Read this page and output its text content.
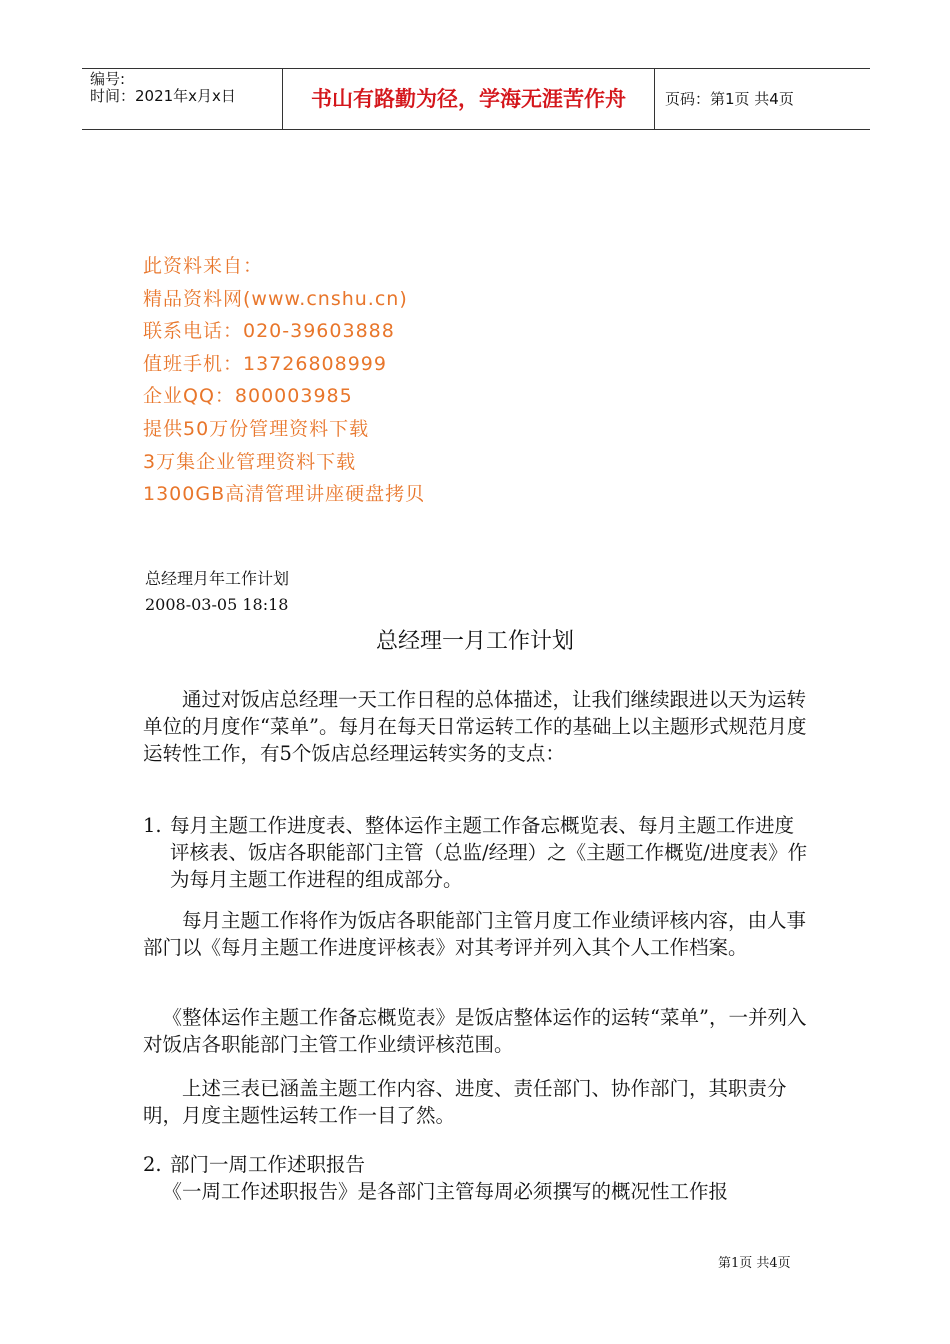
编号:
时间：2021年x月x日	书山有路勤为径，学海无涯苦作舟	页码：第1页 共4页
此资料来自：
精品资料网(www.cnshu.cn)
联系电话：020-39603888
值班手机：13726808999
企业QQ：800003985
提供50万份管理资料下载
3万集企业管理资料下载
1300GB高清管理讲座硬盘拷贝
总经理月年工作计划
2008-03-05 18:18
总经理一月工作计划

通过对饭店总经理一天工作日程的总体描述，让我们继续跟进以天为运转单位的月度作“菜单”。每月在每天日常运转工作的基础上以主题形式规范月度运转性工作，有5个饭店总经理运转实务的支点：

1. 每月主题工作进度表、整体运作主题工作备忘概览表、每月主题工作进度评核表、饭店各职能部门主管（总监/经理）之《主题工作概览/进度表》作为每月主题工作进程的组成部分。

每月主题工作将作为饭店各职能部门主管月度工作业绩评核内容，由人事部门以《每月主题工作进度评核表》对其考评并列入其个人工作档案。

《整体运作主题工作备忘概览表》是饭店整体运作的运转“菜单”，一并列入对饭店各职能部门主管工作业绩评核范围。

上述三表已涵盖主题工作内容、进度、责任部门、协作部门，其职责分明，月度主题性运转工作一目了然。

2. 部门一周工作述职报告

《一周工作述职报告》是各部门主管每周必须撰写的概况性工作报

第1页 共4页
